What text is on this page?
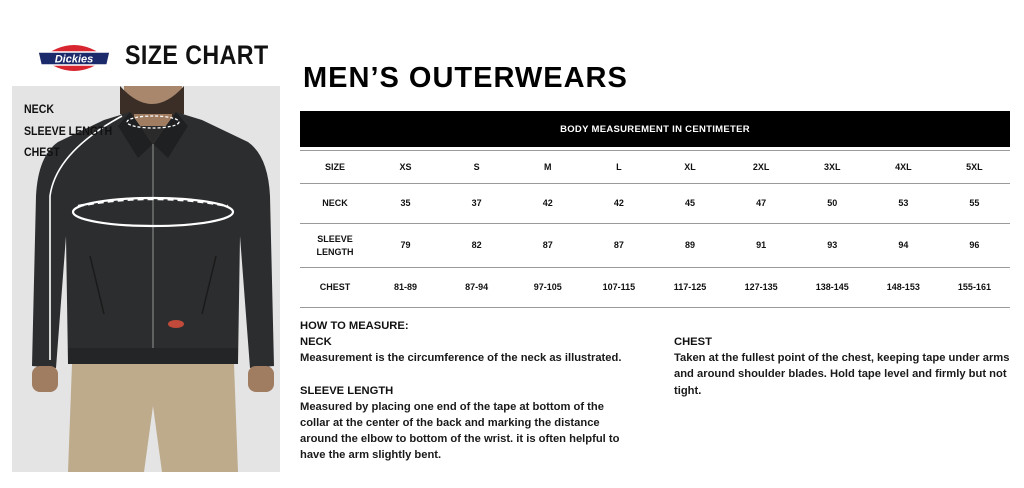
Dickies SIZE CHART
MEN’S OUTERWEARS
NECK
SLEEVE LENGTH
CHEST
BODY MEASUREMENT IN CENTIMETER
SIZE	XS	S	M	L	XL	2XL	3XL	4XL	5XL
NECK	35	37	42	42	45	47	50	53	55
SLEEVE LENGTH	79	82	87	87	89	91	93	94	96
CHEST	81-89	87-94	97-105	107-115	117-125	127-135	138-145	148-153	155-161
HOW TO MEASURE:
NECK
Measurement is the circumference of the neck as illustrated.
SLEEVE LENGTH
Measured by placing one end of the tape at bottom of the collar at the center of the back and marking the distance around the elbow to bottom of the wrist. it is often helpful to have the arm slightly bent.
CHEST
Taken at the fullest point of the chest, keeping tape under arms and around shoulder blades. Hold tape level and firmly but not tight.
